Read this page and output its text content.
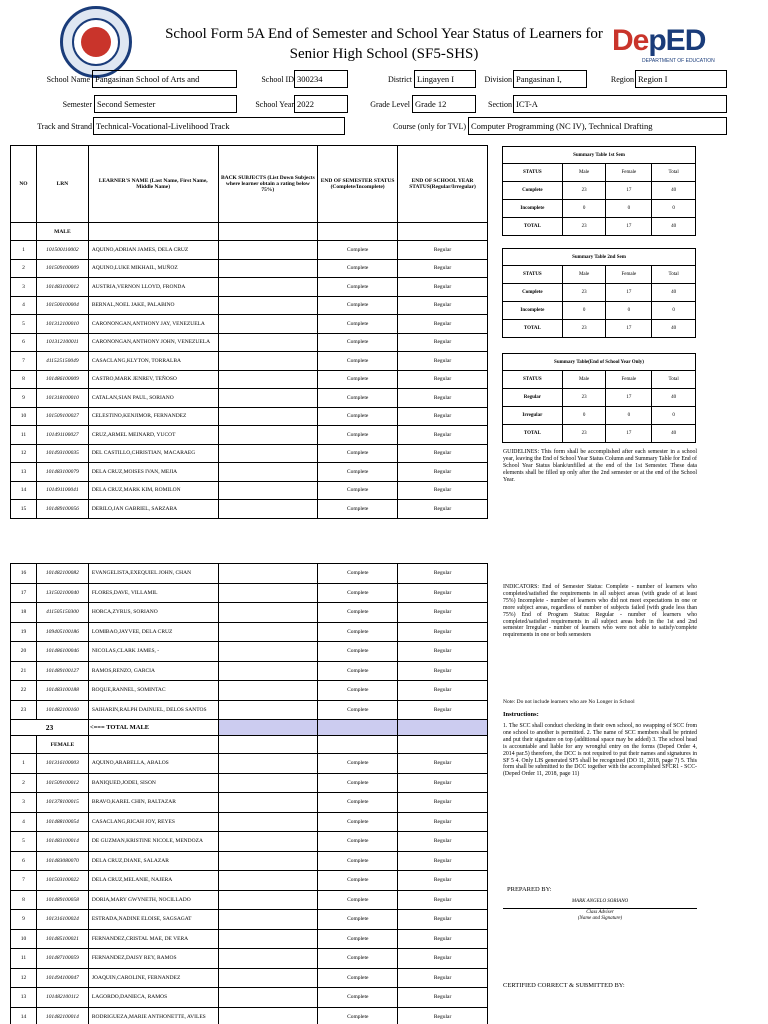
School Form 5A End of Semester and School Year Status of Learners for
Senior High School (SF5-SHS)	DepED
DEPARTMENT OF EDUCATION
School Name Pangasinan School of Arts and	School ID 300234	District Lingayen I	Division Pangasinan I,	Region Region I
Semester Second Semester	School Year 2022	Grade Level Grade 12	Section ICT-A
Track and Strand Technical-Vocational-Livelihood Track	Course (only for TVL) Computer Programming (NC IV), Technical Drafting
NO	LRN	LEARNER'S NAME (Last Name, First Name, Middle Name)	BACK SUBJECTS (List Down Subjects where learner obtain a rating below 75%)	END OF SEMESTER STATUS (Complete/Incomplete)	END OF SCHOOL YEAR STATUS(Regular/Irregular)
	MALE				
1	101500110002	AQUINO,ADRIAN JAMES, DELA CRUZ		Complete	Regular
2	101509100009	AQUINO,LUKE MIKHAIL, MUÑOZ		Complete	Regular
3	101483100012	AUSTRIA,VERNON LLOYD, FRONDA		Complete	Regular
4	101500100004	BERNAL,NOEL JAKE, PALABINO		Complete	Regular
5	101312100010	CARONONGAN,ANTHONY JAY, VENEZUELA		Complete	Regular
6	101312100011	CARONONGAN,ANTHONY JOHN, VENEZUELA		Complete	Regular
7	411525150049	CASACLANG,KLYTON, TORRALBA		Complete	Regular
8	101486100009	CASTRO,MARK JENREV, TEÑOSO		Complete	Regular
9	101318100010	CATALAN,SIAN PAUL, SORIANO		Complete	Regular
10	101509100027	CELESTINO,KENJIMOR, FERNANDEZ		Complete	Regular
11	101491100027	CRUZ,ARMEL MEINARD, YUCOT		Complete	Regular
12	101493100035	DEL CASTILLO,CHRISTIAN, MACARAEG		Complete	Regular
13	101483100079	DELA CRUZ,MOISES IVAN, MEJIA		Complete	Regular
14	101491100041	DELA CRUZ,MARK KIM, ROMILON		Complete	Regular
15	101489100056	DERILO,JAN GABRIEL, SARZABA		Complete	Regular
16	101482100082	EVANGELISTA,EXEQUIEL JOHN, CHAN		Complete	Regular
17	131502100040	FLORES,DAVE, VILLAMIL		Complete	Regular
18	411505150300	HORCA,ZYRUS, SORIANO		Complete	Regular
19	109405100186	LOMIBAO,JAYVEE, DELA CRUZ		Complete	Regular
20	101486100046	NICOLAS,CLARK JAMES, -		Complete	Regular
21	101489100127	RAMOS,RENZO, GARCIA		Complete	Regular
22	101483100188	ROQUE,RANNEL, SOMINTAC		Complete	Regular
23	101482100160	SAIHARIN,RALPH DAINUEL, DELOS SANTOS		Complete	Regular
23		<=== TOTAL MALE			
	FEMALE				
1	101316100003	AQUINO,ARABELLA, ABALOS		Complete	Regular
2	101509100012	BANIQUED,JODEI, SISON		Complete	Regular
3	101378100015	BRAVO,KAREL CHIN, BALTAZAR		Complete	Regular
4	101488100054	CASACLANG,RICAH JOY, REYES		Complete	Regular
5	101483100014	DE GUZMAN,KRISTINE NICOLE, MENDOZA		Complete	Regular
6	101483080070	DELA CRUZ,DIANE, SALAZAR		Complete	Regular
7	101503100022	DELA CRUZ,MELANIE, NAJERA		Complete	Regular
8	101489100058	DORIA,MARY GWYNETH, NOCILLADO		Complete	Regular
9	101316100024	ESTRADA,NADINE ELOISE, SAGSAGAT		Complete	Regular
10	101485100021	FERNANDEZ,CRISTAL MAE, DE VERA		Complete	Regular
11	101487100059	FERNANDEZ,DAISY REY, RAMOS		Complete	Regular
12	101494100047	JOAQUIN,CAROLINE, FERNANDEZ		Complete	Regular
13	101482100112	LAGORDO,DANIECA, RAMOS		Complete	Regular
14	101482100014	RODRIGUEZA,MARIE ANTHONETTE, AVILES		Complete	Regular
Summary Table 1st Sem			
STATUS	Male	Female	Total
Complete	23	17	40
Incomplete	0	0	0
TOTAL	23	17	40
Summary Table 2nd Sem			
STATUS	Male	Female	Total
Complete	23	17	40
Incomplete	0	0	0
TOTAL	23	17	40
Summary Table(End of School Year Only)			
STATUS	Male	Female	Total
Regular	23	17	40
Irregular	0	0	0
TOTAL	23	17	40
GUIDELINES: This form shall be accomplished after each semester in a school year, leaving the End of School Year Status Column and Summary Table for End of School Year Status blank/unfilled at the end of the 1st Semester. These data elements shall be filled up only after the 2nd semester or at the end of the School Year.
INDICATORS: End of Semester Status: Complete - number of learners who completed/satisfied the requirements in all subject areas (with grade of at least 75%) Incomplete - number of learners who did not meet expectations in one or more subject areas, regardless of number of subjects failed (with grade less than 75%) End of Program Status: Regular - number of learners who completed/satisfied requirements in all subject areas both in the 1st and 2nd semester Irregular - number of learners who were not able to satisfy/complete requirements in one or both semesters
Note: Do not include learners who are No Longer in School
Instructions:
1. The SCC shall conduct checking in their own school, no swapping of SCC from one school to another is permitted. 2. The name of SCC members shall be printed and put their signature on top (additional space may be added) 3. The school head is accountable and liable for any wrongful entry on the forms (Deped Order 4, 2014 par.5) therefore, the DCC is not required to put their names and signatures in SF 5 4. Only LIS generated SF5 shall be recognized (DO 11, 2018, page 7) 5. This form shall be submitted to the DCC together with the accomplished SFCR1 - SCC- (Deped Order 11, 2018, page 11)
PREPARED BY:
MARK ANGELO SORIANO
Class Adviser
(Name and Signature)
CERTIFIED CORRECT & SUBMITTED BY:
